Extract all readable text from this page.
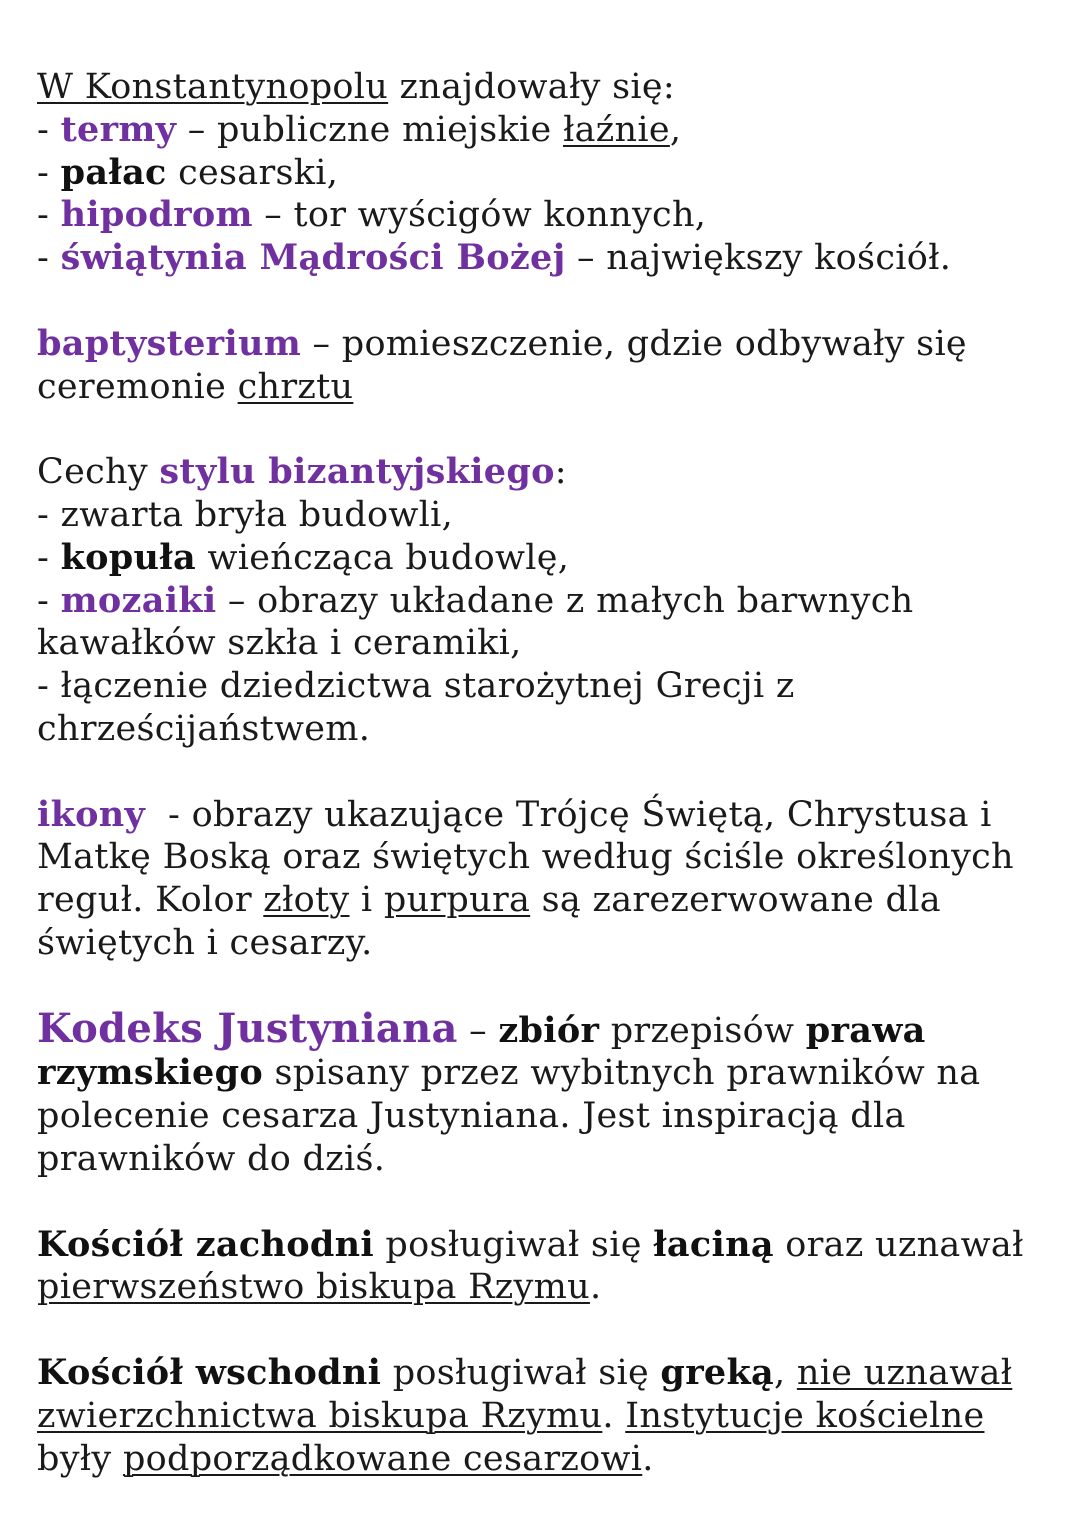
W Konstantynopolu znajdowały się:
- termy – publiczne miejskie łaźnie,
- pałac cesarski,
- hipodrom – tor wyścigów konnych,
- świątynia Mądrości Bożej – największy kościół.
baptysterium – pomieszczenie, gdzie odbywały się
ceremonie chrztu
Cechy stylu bizantyjskiego:
- zwarta bryła budowli,
- kopuła wieńcząca budowlę,
- mozaiki – obrazy układane z małych barwnych
kawałków szkła i ceramiki,
- łączenie dziedzictwa starożytnej Grecji z
chrześcijaństwem.
ikony  - obrazy ukazujące Trójcę Świętą, Chrystusa i
Matkę Boską oraz świętych według ściśle określonych
reguł. Kolor złoty i purpura są zarezerwowane dla
świętych i cesarzy.
Kodeks Justyniana – zbiór przepisów prawa
rzymskiego spisany przez wybitnych prawników na
polecenie cesarza Justyniana. Jest inspiracją dla
prawników do dziś.
Kościół zachodni posługiwał się łaciną oraz uznawał
pierwszeństwo biskupa Rzymu.
Kościół wschodni posługiwał się greką, nie uznawał
zwierzchnictwa biskupa Rzymu. Instytucje kościelne
były podporządkowane cesarzowi.
